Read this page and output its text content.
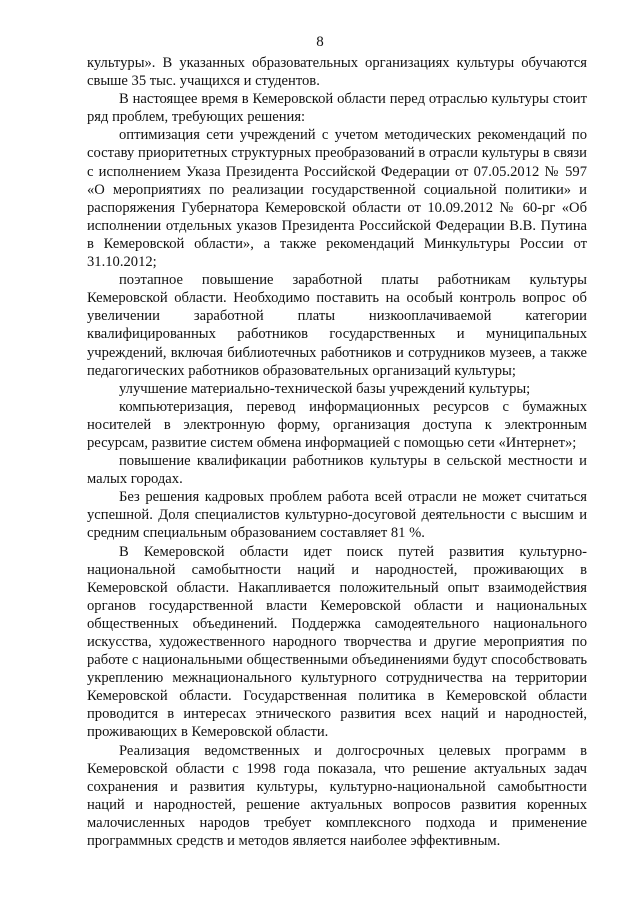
8

культуры». В указанных образовательных организациях культуры обучаются свыше 35 тыс. учащихся и студентов.

В настоящее время в Кемеровской области перед отраслью культуры стоит ряд проблем, требующих решения:

оптимизация сети учреждений с учетом методических рекомендаций по составу приоритетных структурных преобразований в отрасли культуры в связи с исполнением Указа Президента Российской Федерации от 07.05.2012 № 597 «О мероприятиях по реализации государственной социальной политики» и распоряжения Губернатора Кемеровской области от 10.09.2012 № 60-рг «Об исполнении отдельных указов Президента Российской Федерации В.В. Путина в Кемеровской области», а также рекомендаций Минкультуры России от 31.10.2012;

поэтапное повышение заработной платы работникам культуры Кемеровской области. Необходимо поставить на особый контроль вопрос об увеличении заработной платы низкооплачиваемой категории квалифицированных работников государственных и муниципальных учреждений, включая библиотечных работников и сотрудников музеев, а также педагогических работников образовательных организаций культуры;

улучшение материально-технической базы учреждений культуры;

компьютеризация, перевод информационных ресурсов с бумажных носителей в электронную форму, организация доступа к электронным ресурсам, развитие систем обмена информацией с помощью сети «Интернет»;

повышение квалификации работников культуры в сельской местности и малых городах.

Без решения кадровых проблем работа всей отрасли не может считаться успешной. Доля специалистов культурно-досуговой деятельности с высшим и средним специальным образованием составляет 81 %.

В Кемеровской области идет поиск путей развития культурно-национальной самобытности наций и народностей, проживающих в Кемеровской области. Накапливается положительный опыт взаимодействия органов государственной власти Кемеровской области и национальных общественных объединений. Поддержка самодеятельного национального искусства, художественного народного творчества и другие мероприятия по работе с национальными общественными объединениями будут способствовать укреплению межнационального культурного сотрудничества на территории Кемеровской области. Государственная политика в Кемеровской области проводится в интересах этнического развития всех наций и народностей, проживающих в Кемеровской области.

Реализация ведомственных и долгосрочных целевых программ в Кемеровской области с 1998 года показала, что решение актуальных задач сохранения и развития культуры, культурно-национальной самобытности наций и народностей, решение актуальных вопросов развития коренных малочисленных народов требует комплексного подхода и применение программных средств и методов является наиболее эффективным.
